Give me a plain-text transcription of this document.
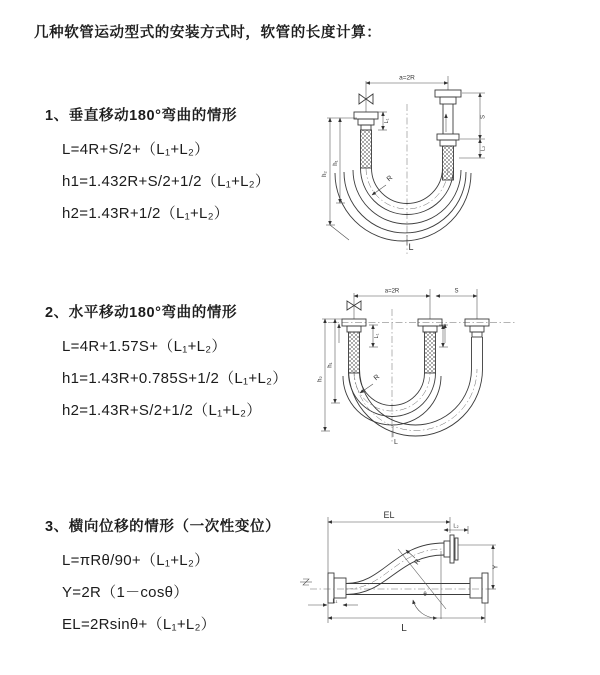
几种软管运动型式的安装方式时，软管的长度计算：
1、垂直移动180°弯曲的情形
L=4R+S/2+（L₁+L₂）
h1=1.432R+S/2+1/2（L₁+L₂）
h2=1.43R+1/2（L₁+L₂）
2、水平移动180°弯曲的情形
L=4R+1.57S+（L₁+L₂）
h1=1.43R+0.785S+1/2（L₁+L₂）
h2=1.43R+S/2+1/2（L₁+L₂）
3、横向位移的情形（一次性变位）
L=πRθ/90+（L₁+L₂）
Y=2R（1－cosθ）
EL=2Rsinθ+（L₁+L₂）
a=2R
h₂
h₁
L₁
S
L₂
R
L
a=2R	S
L₁
h₂
h₁
R
L
EL
L₂
Y
R
θ
L
L₁
